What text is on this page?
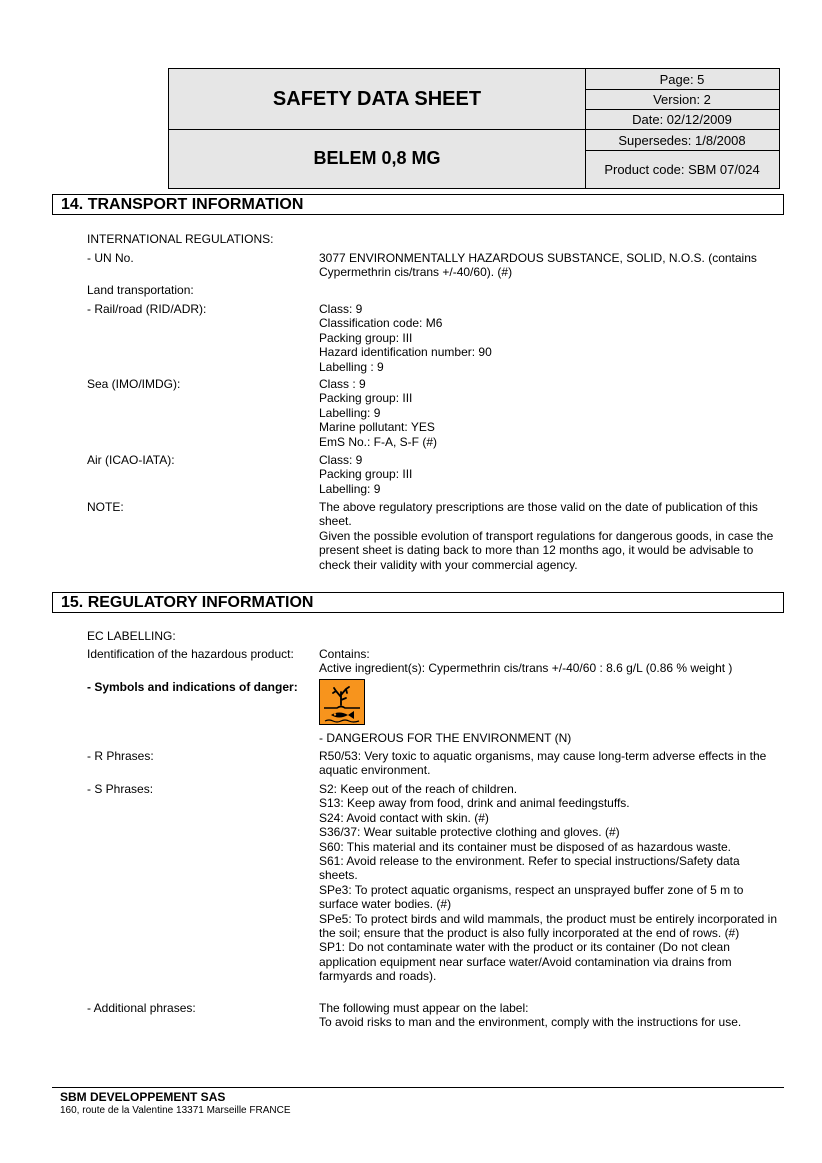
SAFETY DATA SHEET
BELEM 0,8 MG
Page: 5
Version: 2
Date: 02/12/2009
Supersedes: 1/8/2008
Product code: SBM 07/024
14. TRANSPORT INFORMATION
INTERNATIONAL REGULATIONS:
- UN No.	3077 ENVIRONMENTALLY HAZARDOUS SUBSTANCE, SOLID, N.O.S. (contains Cypermethrin cis/trans +/-40/60). (#)
Land transportation:
- Rail/road (RID/ADR):	Class: 9
Classification code: M6
Packing group: III
Hazard identification number: 90
Labelling : 9
Sea (IMO/IMDG):	Class : 9
Packing group: III
Labelling: 9
Marine pollutant: YES
EmS No.: F-A, S-F (#)
Air (ICAO-IATA):	Class: 9
Packing group: III
Labelling: 9
NOTE:	The above regulatory prescriptions are those valid on the date of publication of this sheet.
Given the possible evolution of transport regulations for dangerous goods, in case the present sheet is dating back to more than 12 months ago, it would be advisable to check their validity with your commercial agency.
15. REGULATORY INFORMATION
EC LABELLING:
Identification of the hazardous product: Contains:
Active ingredient(s): Cypermethrin cis/trans +/-40/60 : 8.6 g/L (0.86 % weight )
- Symbols and indications of danger:
- DANGEROUS FOR THE ENVIRONMENT (N)
- R Phrases:	R50/53: Very toxic to aquatic organisms, may cause long-term adverse effects in the aquatic environment.
- S Phrases:	S2: Keep out of the reach of children.
S13: Keep away from food, drink and animal feedingstuffs.
S24: Avoid contact with skin. (#)
S36/37: Wear suitable protective clothing and gloves. (#)
S60: This material and its container must be disposed of as hazardous waste.
S61: Avoid release to the environment. Refer to special instructions/Safety data sheets.
SPe3: To protect aquatic organisms, respect an unsprayed buffer zone of 5 m to surface water bodies. (#)
SPe5: To protect birds and wild mammals, the product must be entirely incorporated in the soil; ensure that the product is also fully incorporated at the end of rows. (#)
SP1: Do not contaminate water with the product or its container (Do not clean application equipment near surface water/Avoid contamination via drains from farmyards and roads).
- Additional phrases:	The following must appear on the label:
To avoid risks to man and the environment, comply with the instructions for use.
SBM DEVELOPPEMENT SAS
160, route de la Valentine 13371 Marseille FRANCE
